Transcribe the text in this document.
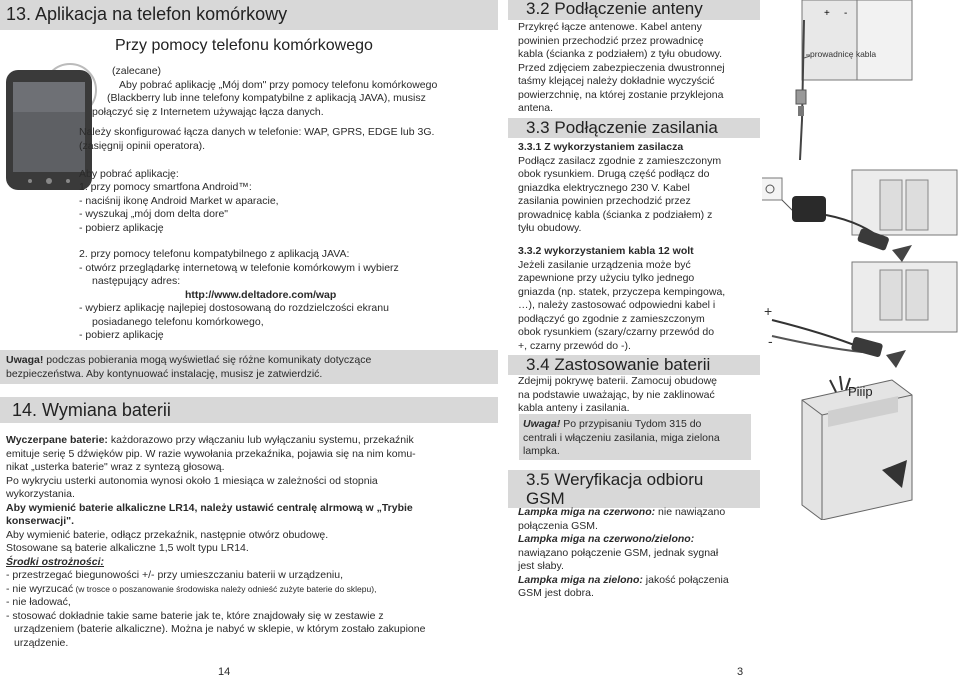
13. Aplikacja na telefon komórkowy
Przy pomocy telefonu komórkowego
(zalecane)
Aby pobrać aplikację „Mój dom" przy pomocy telefonu komórkowego
(Blackberry lub inne telefony kompatybilne z aplikacją JAVA), musisz
połączyć się z Internetem używając łącza danych.
Należy skonfigurować łącza danych w telefonie: WAP, GPRS, EDGE lub 3G.
(zasięgnij opinii operatora).
Aby pobrać aplikację:
1. przy pomocy smartfona Android™:
- naciśnij ikonę Android Market w aparacie,
- wyszukaj „mój dom delta dore"
- pobierz aplikację
2. przy pomocy telefonu kompatybilnego z aplikacją JAVA:
- otwórz przeglądarkę internetową w telefonie komórkowym i wybierz
następujący adres:
http://www.deltadore.com/wap
- wybierz aplikację najlepiej dostosowaną do rozdzielczości ekranu
posiadanego telefonu komórkowego,
- pobierz aplikację
Uwaga! podczas pobierania mogą wyświetlać się różne komunikaty dotyczące
bezpieczeństwa. Aby kontynuować instalację, musisz je zatwierdzić.
14. Wymiana baterii
Wyczerpane baterie: każdorazowo przy włączaniu lub wyłączaniu systemu, przekaźnik
emituje serię 5 dźwięków pip. W razie wywołania przekaźnika, pojawia się na nim komu-
nikat „usterka baterie" wraz z syntezą głosową.
Po wykryciu usterki autonomia wynosi około 1 miesiąca w zależności od stopnia
wykorzystania.
Aby wymienić baterie alkaliczne LR14, należy ustawić centralę alrmową w „Trybie
konserwacji".
Aby wymienić baterie, odłącz przekaźnik, następnie otwórz obudowę.
Stosowane są baterie alkaliczne 1,5 wolt typu LR14.
Środki ostrożności:
- przestrzegać biegunowości +/- przy umieszczaniu baterii w urządzeniu,
- nie wyrzucać (w trosce o poszanowanie środowiska należy odnieść zużyte baterie do sklepu),
- nie ładować,
- stosować dokładnie takie same baterie jak te, które znajdowały się w zestawie z
urządzeniem (baterie alkaliczne). Można je nabyć w sklepie, w którym zostało zakupione
urządzenie.
14
3.2 Podłączenie anteny
Przykręć łącze antenowe. Kabel anteny
powinien przechodzić przez prowadnicę
kabla (ścianka z podziałem) z tyłu obudowy.
Przed zdjęciem zabezpieczenia dwustronnej
taśmy klejącej należy dokładnie wyczyścić
powierzchnię, na której zostanie przyklejona
antena.
3.3 Podłączenie zasilania
3.3.1 Z wykorzystaniem zasilacza
Podłącz zasilacz zgodnie z zamieszczonym
obok rysunkiem. Drugą część podłącz do
gniazdka elektrycznego 230 V. Kabel
zasilania powinien przechodzić przez
prowadnicę kabla (ścianka z podziałem) z
tyłu obudowy.
3.3.2 wykorzystaniem kabla 12 wolt
Jeżeli zasilanie urządzenia może być
zapewnione przy użyciu tylko jednego
gniazda (np. statek, przyczepa kempingowa,
…), należy zastosować odpowiedni kabel i
podłączyć go zgodnie z zamieszczonym
obok rysunkiem (szary/czarny przewód do
+, czarny przewód do -).
3.4 Zastosowanie baterii
Zdejmij pokrywę baterii. Zamocuj obudowę
na podstawie uważając, by nie zaklinować
kabla anteny i zasilania.
Uwaga! Po przypisaniu Tydom 315 do
centrali i włączeniu zasilania, miga zielona
lampka.
3.5 Weryfikacja odbioru
GSM
Lampka miga na czerwono: nie nawiązano
połączenia GSM.
Lampka miga na czerwono/zielono:
nawiązano połączenie GSM, jednak sygnał
jest słaby.
Lampka miga na zielono: jakość połączenia
GSM jest dobra.
3
+ -
prowadnicę kabla
+
-
Piiip
